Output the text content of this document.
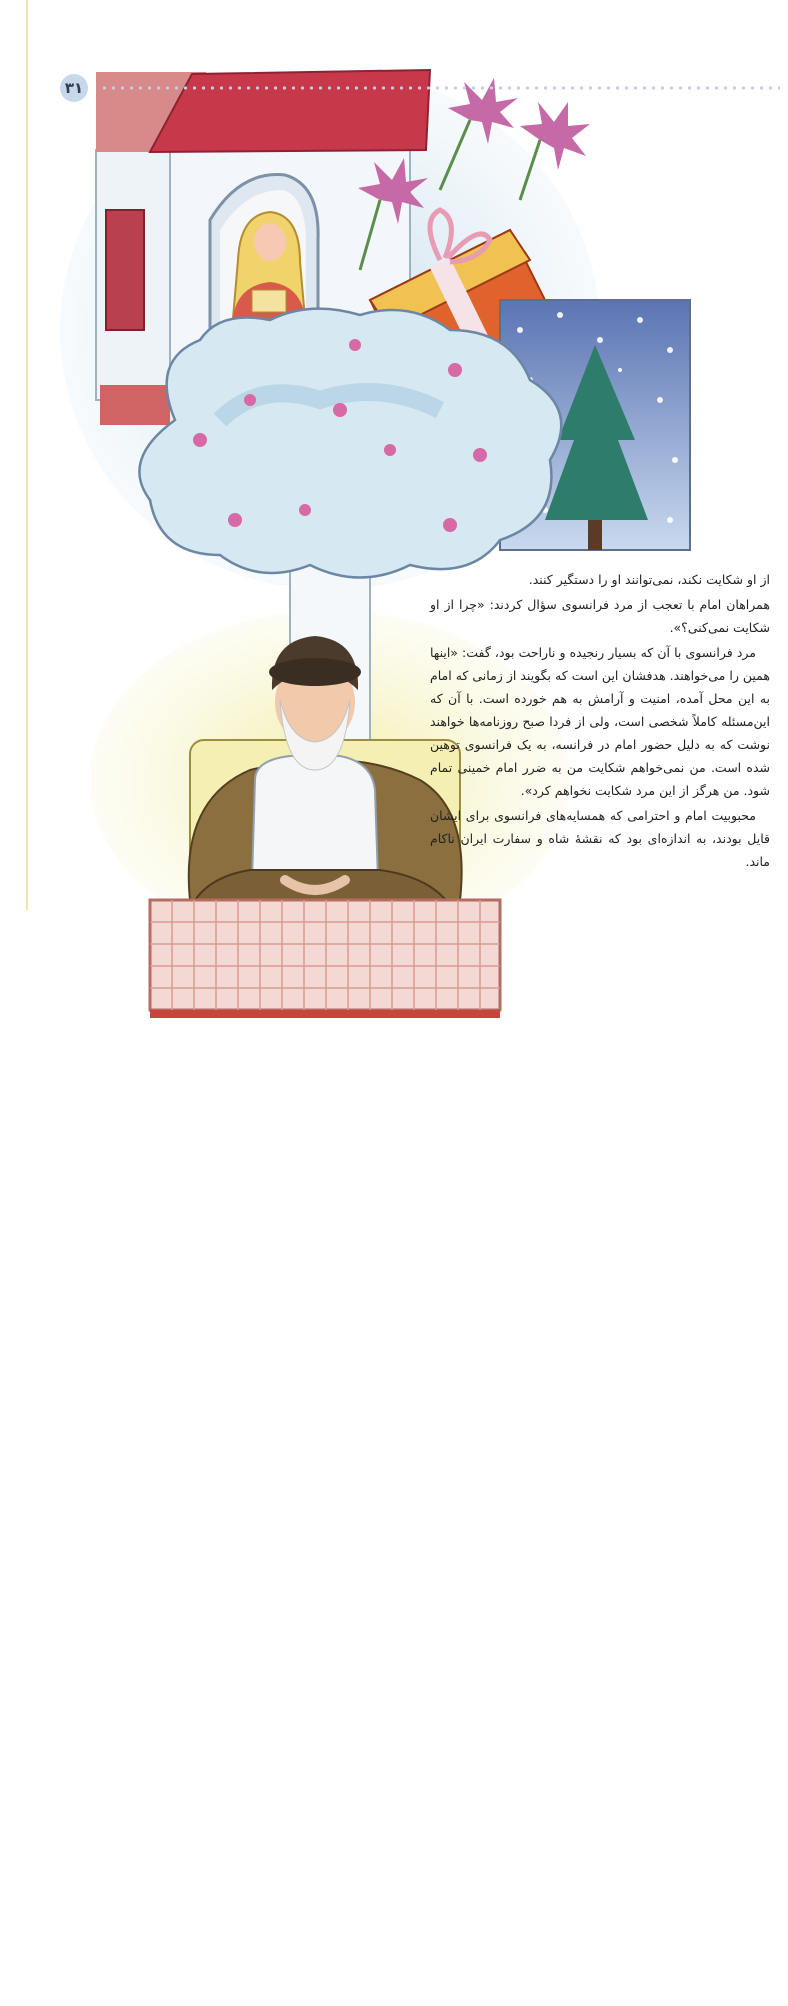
۳۱

از او شکایت نکند، نمی‌توانند او را دستگیر کنند.

همراهان امام با تعجب از مرد فرانسوی سؤال کردند: «چرا از او شکایت نمی‌کنی؟».

مرد فرانسوی با آن که بسیار رنجیده و ناراحت بود، گفت: «اینها همین را می‌خواهند. هدفشان این است که بگویند از زمانی که امام به این محل آمده، امنیت و آرامش به هم خورده است. با آن که این‌مسئله کاملاً شخصی است، ولی از فردا صبح روزنامه‌ها خواهند نوشت که به دلیل حضور امام در فرانسه، به یک فرانسوی توهین شده است. من نمی‌خواهم شکایت من به ضرر امام خمینی تمام شود. من هرگز از این مرد شکایت نخواهم کرد».

محبوبیت امام و احترامی که همسایه‌های فرانسوی برای ایشان قایل بودند، به اندازه‌ای بود که نقشهٔ شاه و سفارت ایران ناکام ماند.
